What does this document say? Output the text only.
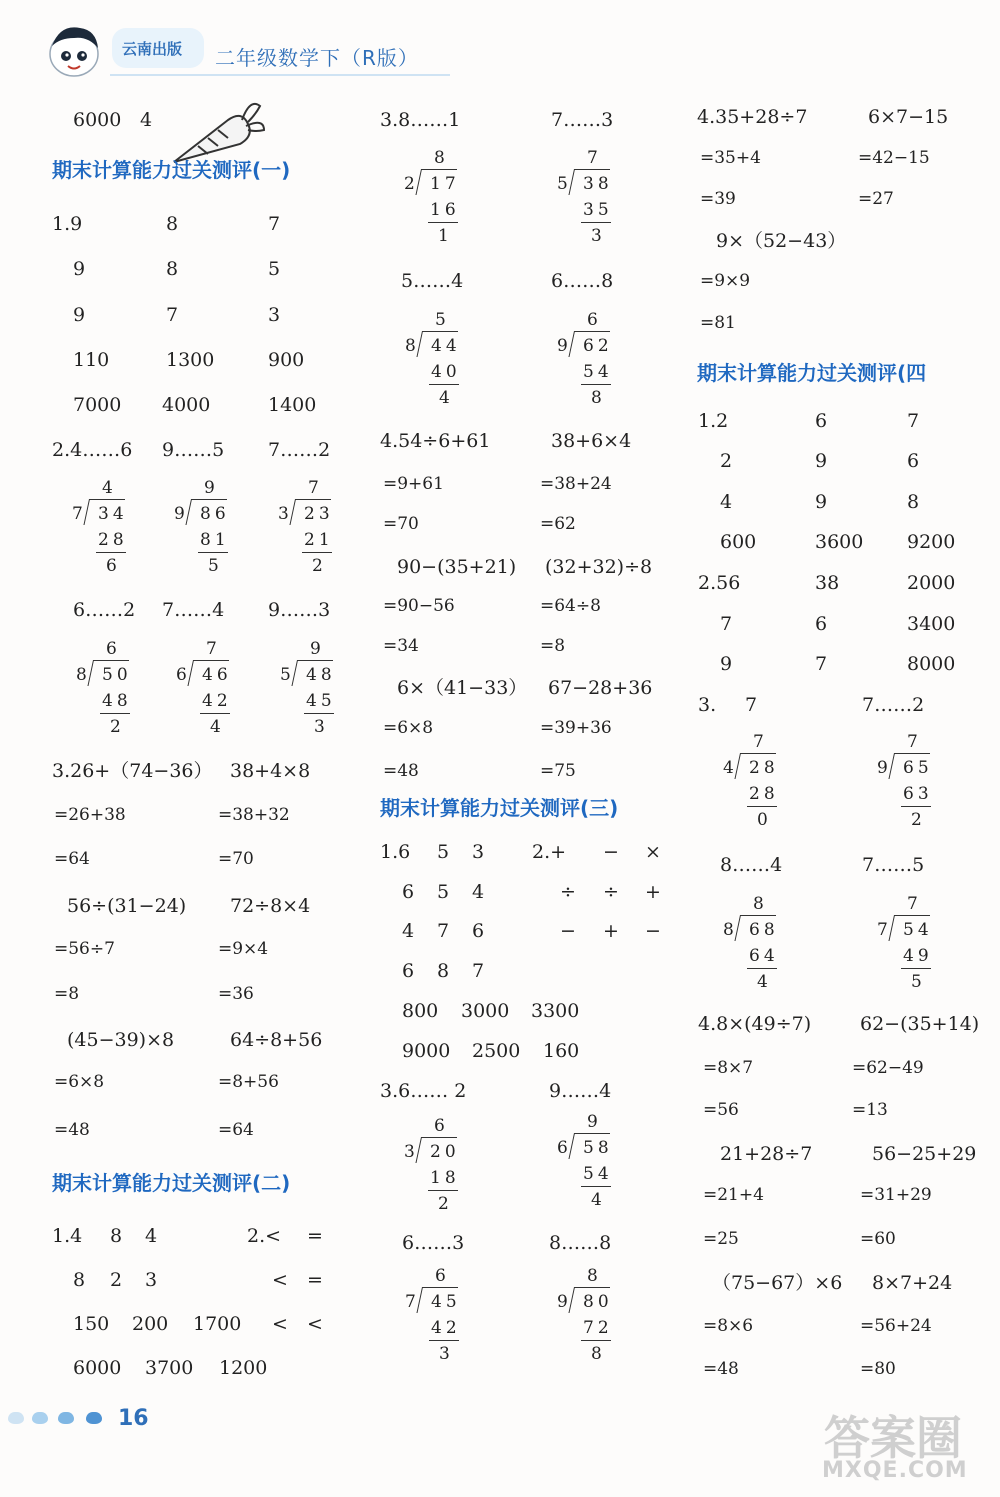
云南出版 二年级数学下（R版）
6000 4
期末计算能力过关测评(一)
1.9	8	7
9	8	5
9	7	3
110	1300	900
7000 4000	1400
2.4……6 9……5 7……2
4
7 34
28
6
9
9 86
81
5
7
3 23
21
2
6……2 7……4 9……3
6
8 50
48
2
7
6 46
42
4
9
5 48
45
3
3.26+（74−36） 38+4×8
=26+38	=38+32
=64	=70
56÷(31−24) 72÷8×4
=56÷7	=9×4
=8	=36
(45−39)×8	64÷8+56
=6×8	=8+56
=48	=64
期末计算能力过关测评(二)
1.4 8 4	2.< =
8 2 3	< =
150 200 1700 < <
6000 3700 1200
3.8……1	7……3
8
2 17
16
1
7
5 38
35
3
5……4	6……8
5
8 44
40
4
6
9 62
54
8
4.54÷6+61	38+6×4
=9+61	=38+24
=70	=62
90−(35+21) (32+32)÷8
=90−56	=64÷8
=34	=8
6×（41−33） 67−28+36
=6×8	=39+36
=48	=75
期末计算能力过关测评(三)
1.6 5 3	2.+ − ×
6 5 4	÷ ÷ +
4 7 6	− + −
6 8 7
800 3000 3300
9000 2500 160
3.6…… 2	9……4
6
3 20
18
2
9
6 58
54
4
6……3	8……8
6
7 45
42
3
8
9 80
72
8
4.35+28÷7	6×7−15
=35+4	=42−15
=39	=27
9×（52−43）
=9×9
=81
期末计算能力过关测评(四
1.2	6	7
2	9	6
4	9	8
600	3600 9200
2.56	38	2000
7	6	3400
9	7	8000
3. 7	7……2
7
4 28
28
0
7
9 65
63
2
8……4	7……5
8
8 68
64
4
7
7 54
49
5
4.8×(49÷7)	62−(35+14)
=8×7	=62−49
=56	=13
21+28÷7	56−25+29
=21+4	=31+29
=25	=60
（75−67）×6 8×7+24
=8×6	=56+24
=48	=80
16	答案圈
MXQE.COM
